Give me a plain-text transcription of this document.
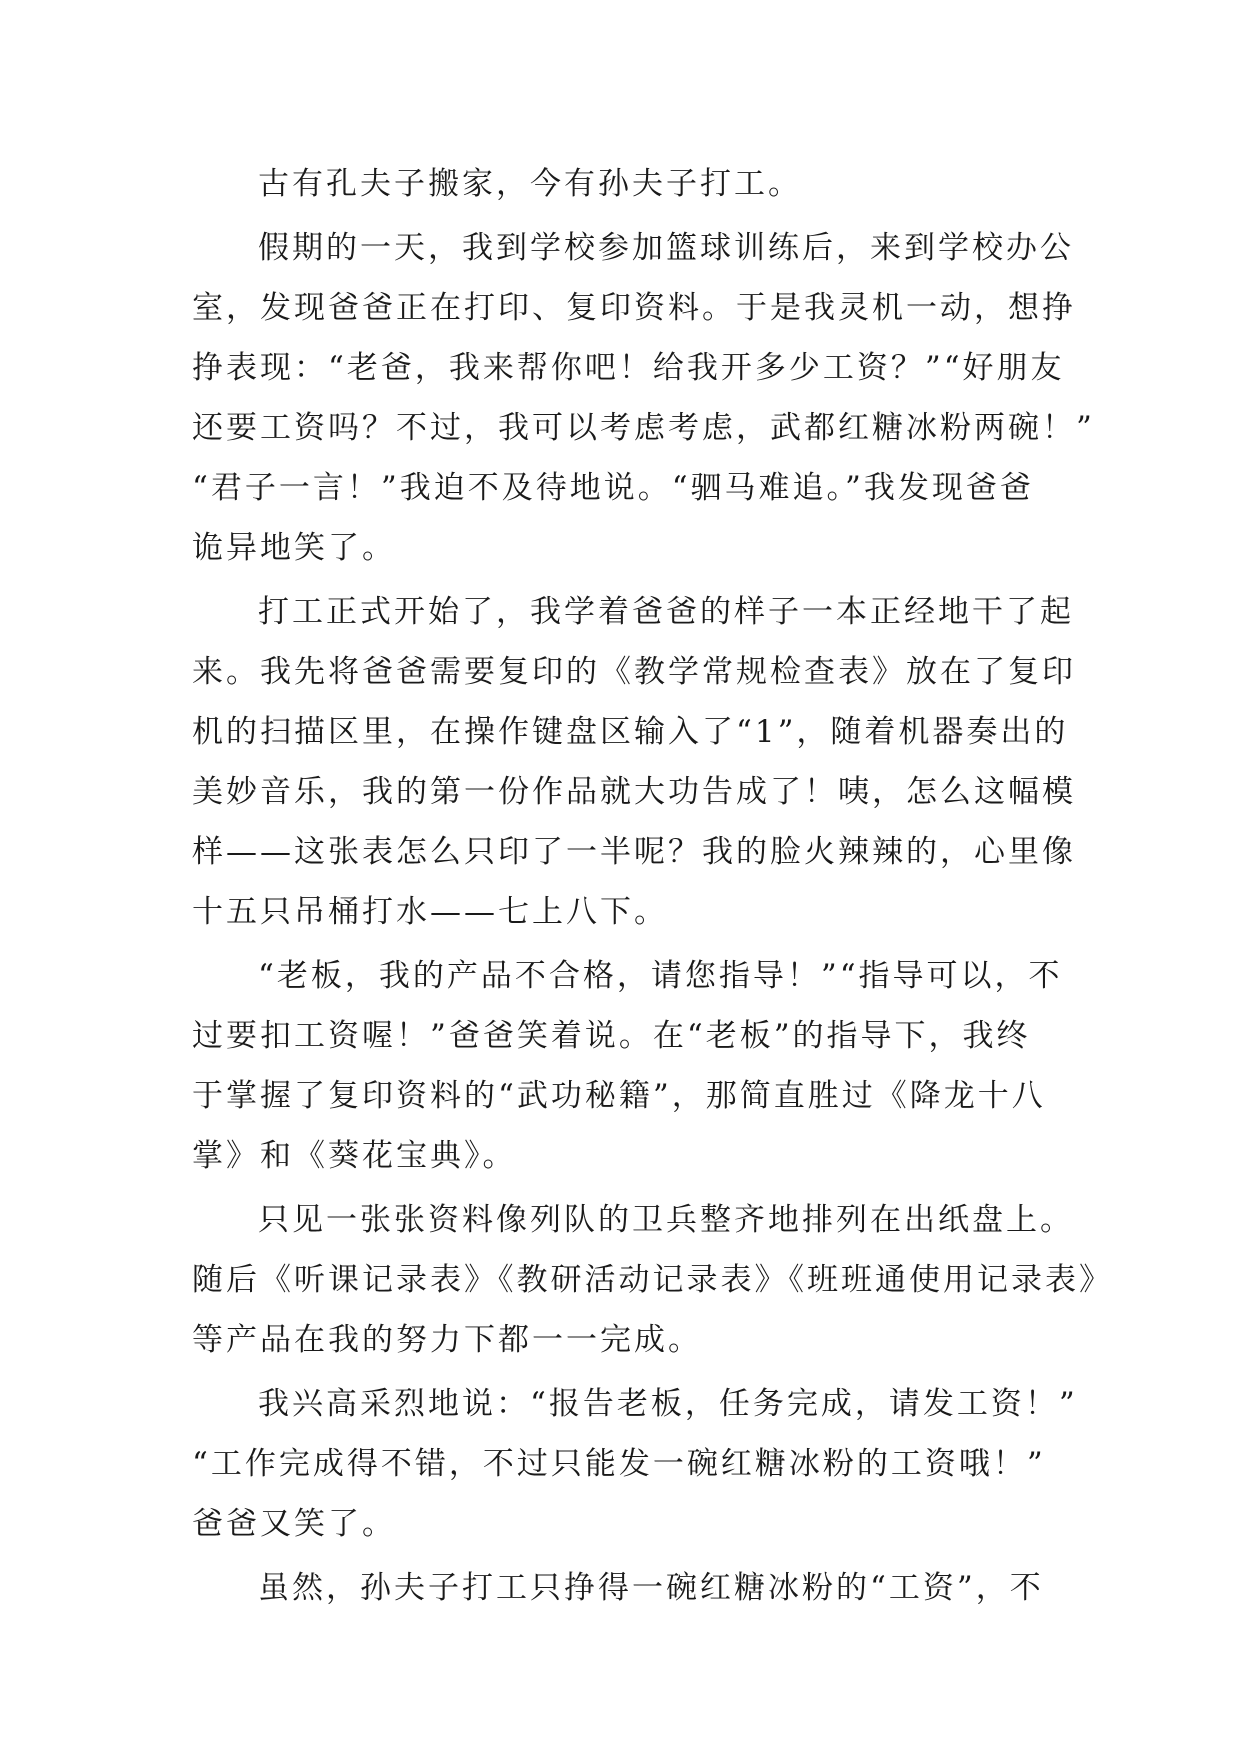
古有孔夫子搬家，今有孙夫子打工。
假期的一天，我到学校参加篮球训练后，来到学校办公
室，发现爸爸正在打印、复印资料。于是我灵机一动，想挣
挣表现：“老爸，我来帮你吧！给我开多少工资？”“好朋友
还要工资吗？不过，我可以考虑考虑，武都红糖冰粉两碗！”
“君子一言！”我迫不及待地说。“驷马难追。”我发现爸爸
诡异地笑了。
打工正式开始了，我学着爸爸的样子一本正经地干了起
来。我先将爸爸需要复印的《教学常规检查表》放在了复印
机的扫描区里，在操作键盘区输入了“1”，随着机器奏出的
美妙音乐，我的第一份作品就大功告成了！咦，怎么这幅模
样——这张表怎么只印了一半呢？我的脸火辣辣的，心里像
十五只吊桶打水——七上八下。
“老板，我的产品不合格，请您指导！”“指导可以，不
过要扣工资喔！”爸爸笑着说。在“老板”的指导下，我终
于掌握了复印资料的“武功秘籍”，那简直胜过《降龙十八
掌》和《葵花宝典》。
只见一张张资料像列队的卫兵整齐地排列在出纸盘上。
随后《听课记录表》《教研活动记录表》《班班通使用记录表》
等产品在我的努力下都一一完成。
我兴高采烈地说：“报告老板，任务完成，请发工资！”
“工作完成得不错，不过只能发一碗红糖冰粉的工资哦！”
爸爸又笑了。
虽然，孙夫子打工只挣得一碗红糖冰粉的“工资”，不
